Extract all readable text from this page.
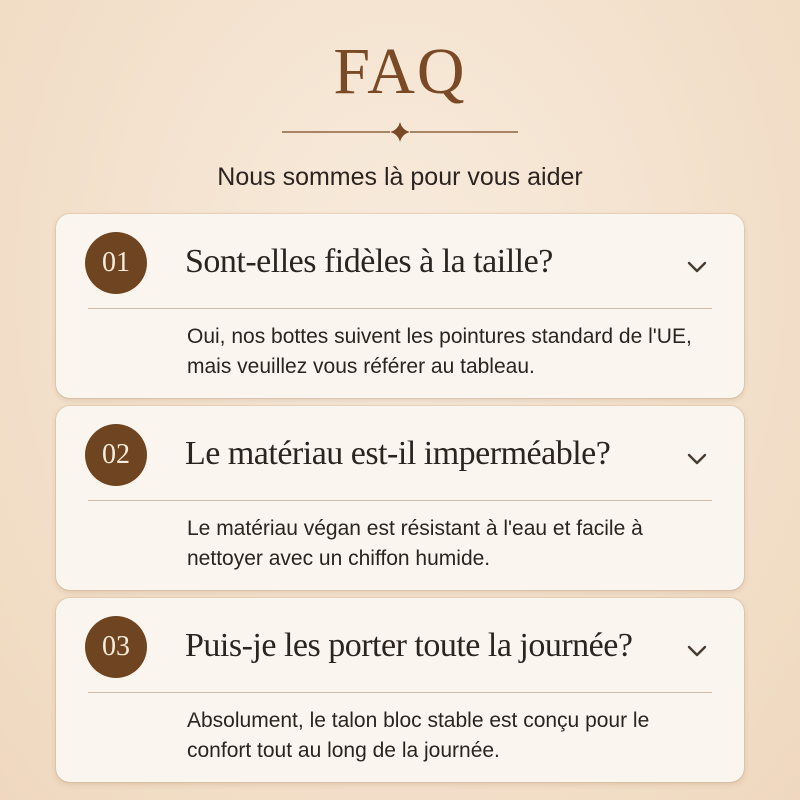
FAQ

Nous sommes là pour vous aider

01	Sont-elles fidèles à la taille?

Oui, nos bottes suivent les pointures standard de l'UE, mais veuillez vous référer au tableau.

02	Le matériau est-il imperméable?

Le matériau végan est résistant à l'eau et facile à nettoyer avec un chiffon humide.

03	Puis-je les porter toute la journée?

Absolument, le talon bloc stable est conçu pour le confort tout au long de la journée.
